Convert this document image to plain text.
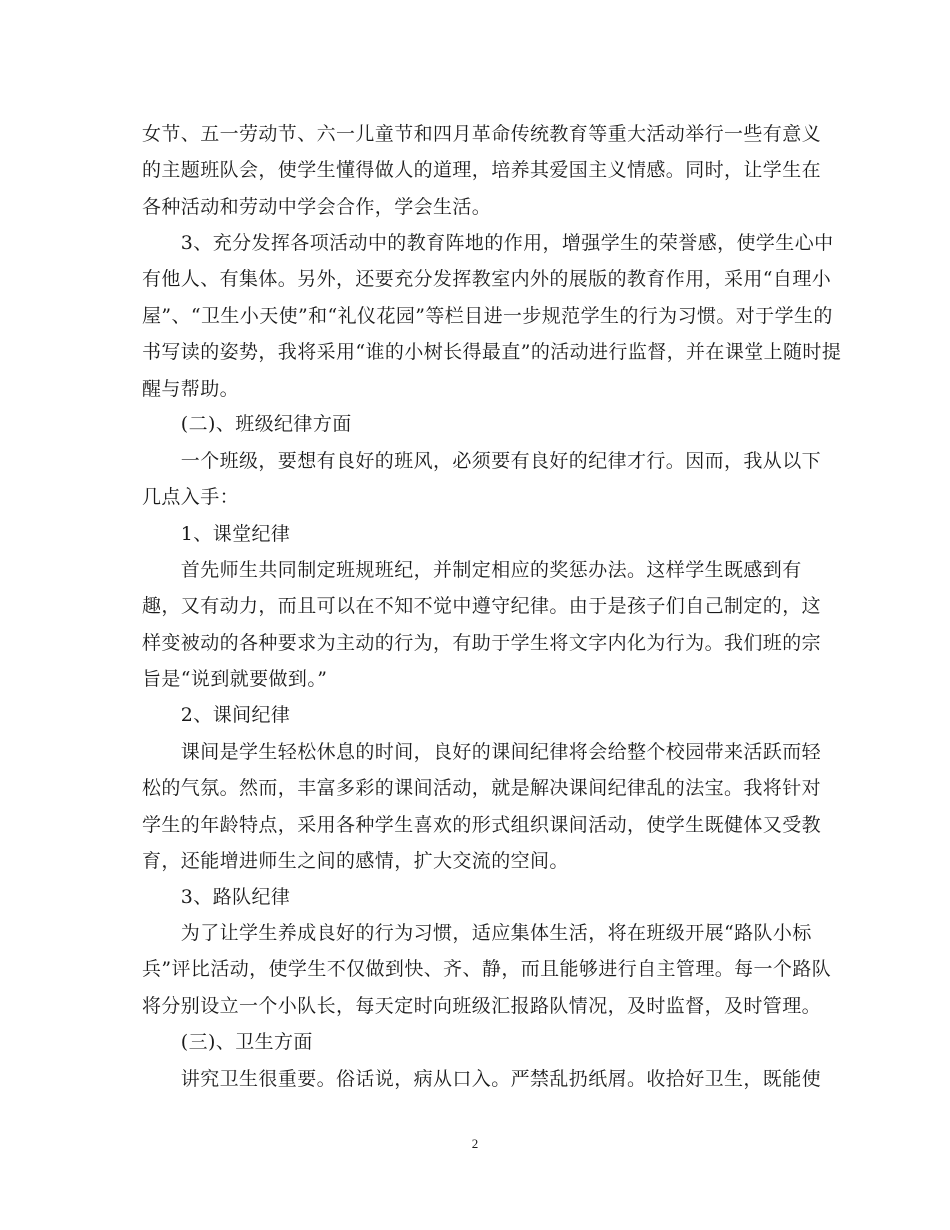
女节、五一劳动节、六一儿童节和四月革命传统教育等重大活动举行一些有意义
的主题班队会，使学生懂得做人的道理，培养其爱国主义情感。同时，让学生在
各种活动和劳动中学会合作，学会生活。
　　3、充分发挥各项活动中的教育阵地的作用，增强学生的荣誉感，使学生心中
有他人、有集体。另外，还要充分发挥教室内外的展版的教育作用，采用“自理小
屋”、“卫生小天使”和“礼仪花园”等栏目进一步规范学生的行为习惯。对于学生的
书写读的姿势，我将采用“谁的小树长得最直”的活动进行监督，并在课堂上随时提
醒与帮助。
　　(二)、班级纪律方面
　　一个班级，要想有良好的班风，必须要有良好的纪律才行。因而，我从以下
几点入手：
　　1、课堂纪律
　　首先师生共同制定班规班纪，并制定相应的奖惩办法。这样学生既感到有
趣，又有动力，而且可以在不知不觉中遵守纪律。由于是孩子们自己制定的，这
样变被动的各种要求为主动的行为，有助于学生将文字内化为行为。我们班的宗
旨是“说到就要做到。”
　　2、课间纪律
　　课间是学生轻松休息的时间，良好的课间纪律将会给整个校园带来活跃而轻
松的气氛。然而，丰富多彩的课间活动，就是解决课间纪律乱的法宝。我将针对
学生的年龄特点，采用各种学生喜欢的形式组织课间活动，使学生既健体又受教
育，还能增进师生之间的感情，扩大交流的空间。
　　3、路队纪律
　　为了让学生养成良好的行为习惯，适应集体生活，将在班级开展“路队小标
兵”评比活动，使学生不仅做到快、齐、静，而且能够进行自主管理。每一个路队
将分别设立一个小队长，每天定时向班级汇报路队情况，及时监督，及时管理。
　　(三)、卫生方面
　　讲究卫生很重要。俗话说，病从口入。严禁乱扔纸屑。收拾好卫生，既能使
2
